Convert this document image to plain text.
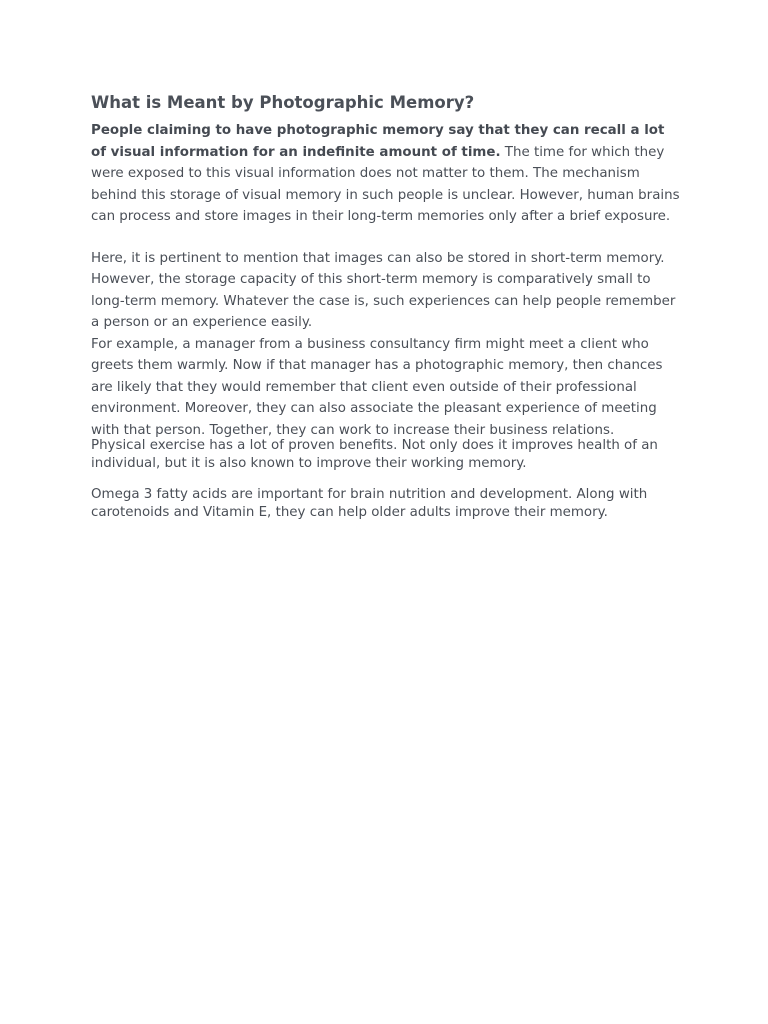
What is Meant by Photographic Memory?

People claiming to have photographic memory say that they can recall a lot of visual information for an indefinite amount of time. The time for which they were exposed to this visual information does not matter to them. The mechanism behind this storage of visual memory in such people is unclear. However, human brains can process and store images in their long-term memories only after a brief exposure.

Here, it is pertinent to mention that images can also be stored in short-term memory. However, the storage capacity of this short-term memory is comparatively small to long-term memory. Whatever the case is, such experiences can help people remember a person or an experience easily.

For example, a manager from a business consultancy firm might meet a client who greets them warmly. Now if that manager has a photographic memory, then chances are likely that they would remember that client even outside of their professional environment. Moreover, they can also associate the pleasant experience of meeting with that person. Together, they can work to increase their business relations.

Physical exercise has a lot of proven benefits. Not only does it improves health of an individual, but it is also known to improve their working memory.

Omega 3 fatty acids are important for brain nutrition and development. Along with carotenoids and Vitamin E, they can help older adults improve their memory.
